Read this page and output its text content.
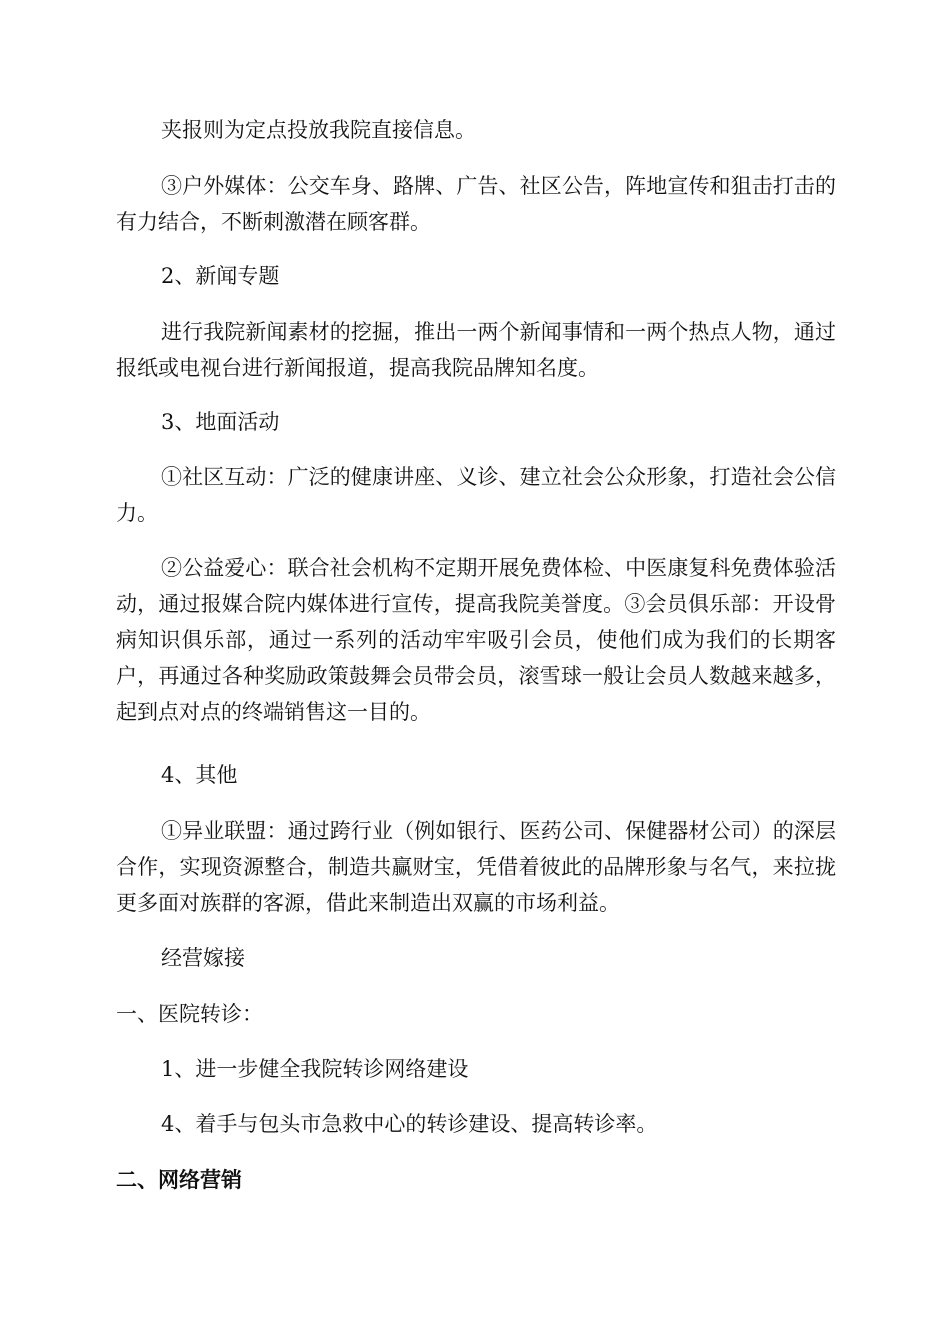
夹报则为定点投放我院直接信息。

③户外媒体：公交车身、路牌、广告、社区公告，阵地宣传和狙击打击的有力结合，不断刺激潜在顾客群。

2、新闻专题

进行我院新闻素材的挖掘，推出一两个新闻事情和一两个热点人物，通过报纸或电视台进行新闻报道，提高我院品牌知名度。

3、地面活动

①社区互动：广泛的健康讲座、义诊、建立社会公众形象，打造社会公信力。

②公益爱心：联合社会机构不定期开展免费体检、中医康复科免费体验活动，通过报媒合院内媒体进行宣传，提高我院美誉度。③会员俱乐部：开设骨病知识俱乐部，通过一系列的活动牢牢吸引会员，使他们成为我们的长期客户，再通过各种奖励政策鼓舞会员带会员，滚雪球一般让会员人数越来越多，起到点对点的终端销售这一目的。

4、其他

①异业联盟：通过跨行业（例如银行、医药公司、保健器材公司）的深层合作，实现资源整合，制造共赢财宝，凭借着彼此的品牌形象与名气，来拉拢更多面对族群的客源，借此来制造出双赢的市场利益。

经营嫁接

一、医院转诊：

1、进一步健全我院转诊网络建设

4、着手与包头市急救中心的转诊建设、提高转诊率。

二、网络营销
